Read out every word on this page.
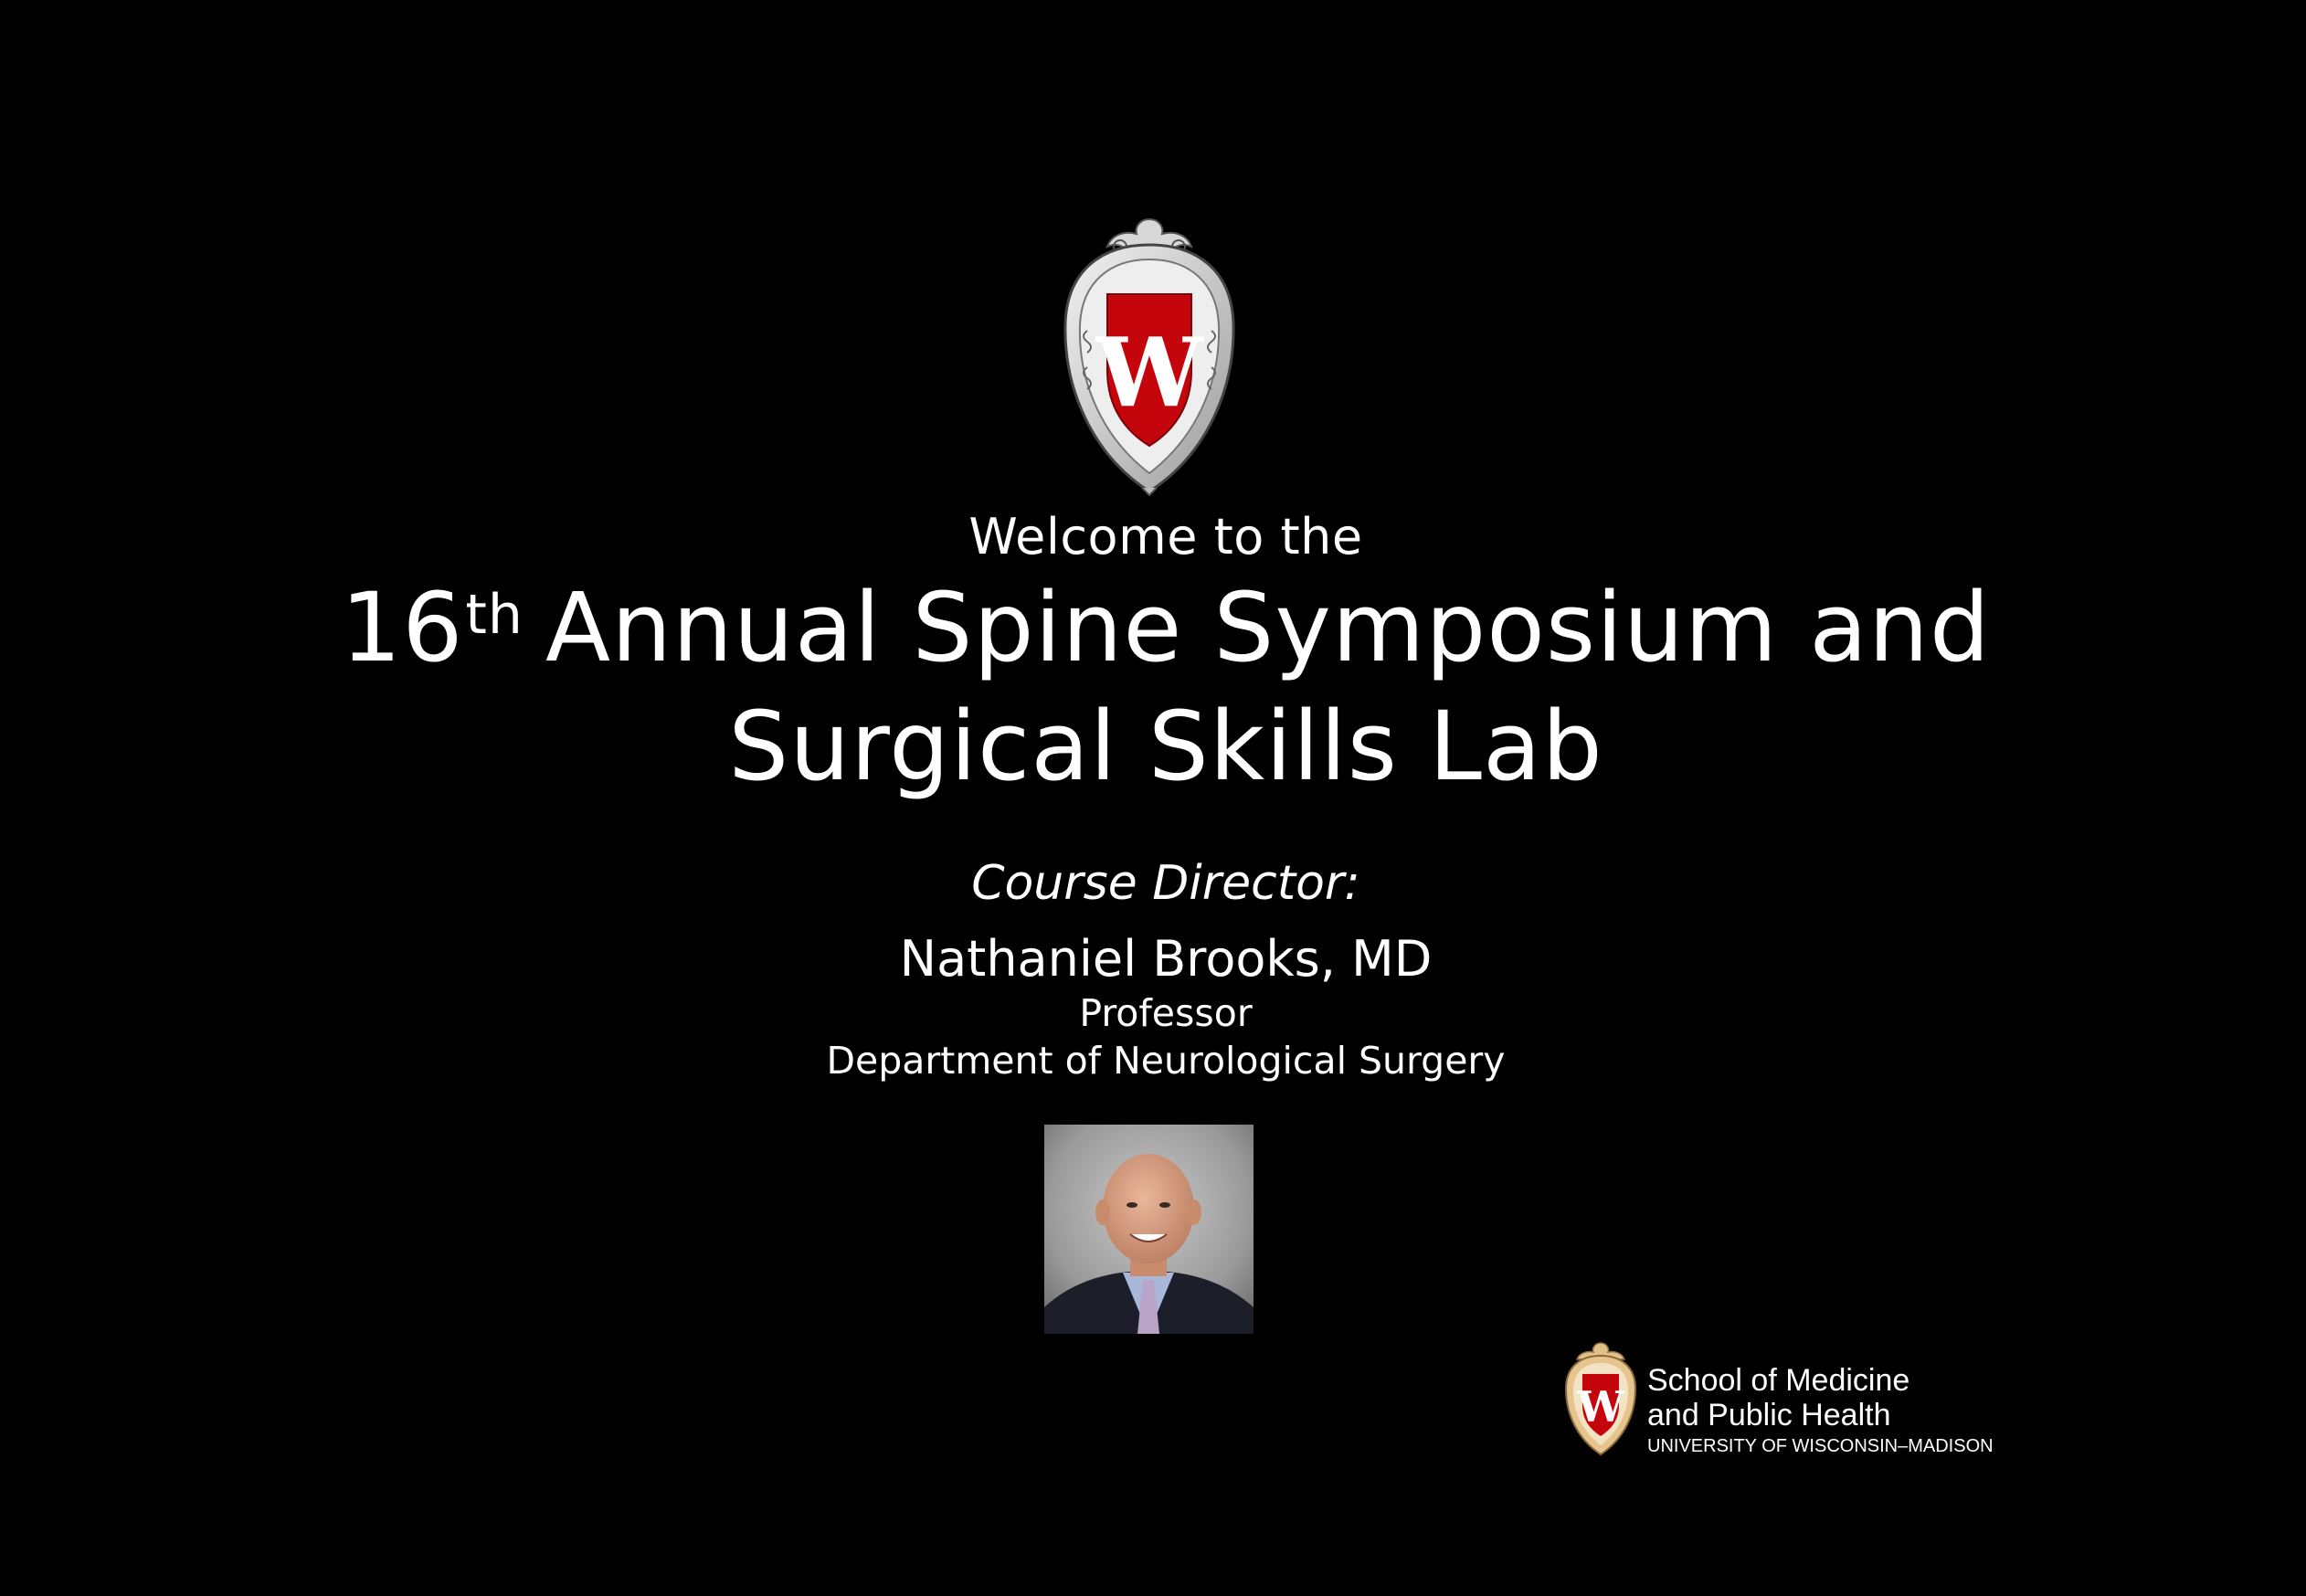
W
Welcome to the
16th Annual Spine Symposium and
Surgical Skills Lab
Course Director:
Nathaniel Brooks, MD
Professor
Department of Neurological Surgery
W
School of Medicine
and Public Health
UNIVERSITY OF WISCONSIN–MADISON
